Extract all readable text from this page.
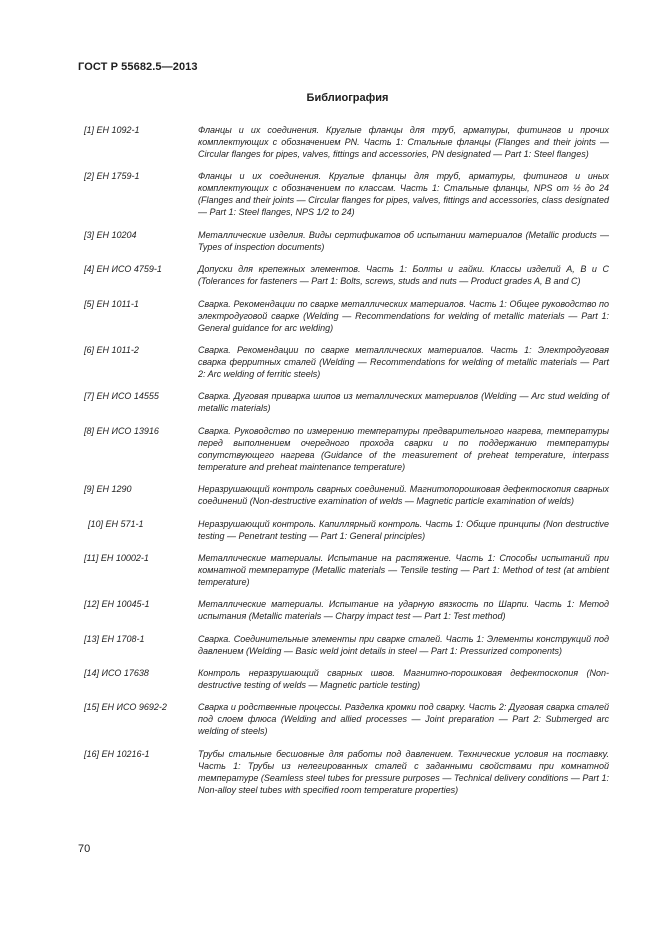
ГОСТ Р 55682.5—2013
Библиография
[1] ЕН 1092-1	Фланцы и их соединения. Круглые фланцы для труб, арматуры, фитингов и прочих комплектующих с обозначением PN. Часть 1: Стальные фланцы (Flanges and their joints — Circular flanges for pipes, valves, fittings and accessories, PN designated — Part 1: Steel flanges)
[2] ЕН 1759-1	Фланцы и их соединения. Круглые фланцы для труб, арматуры, фитингов и иных комплектующих с обозначением по классам. Часть 1: Стальные фланцы, NPS от ½ до 24 (Flanges and their joints — Circular flanges for pipes, valves, fittings and accessories, class designated — Part 1: Steel flanges, NPS 1/2 to 24)
[3] ЕН 10204	Металлические изделия. Виды сертификатов об испытании материалов (Metallic products — Types of inspection documents)
[4] ЕН ИСО 4759-1	Допуски для крепежных элементов. Часть 1: Болты и гайки. Классы изделий А, В и С (Tolerances for fasteners — Part 1: Bolts, screws, studs and nuts — Product grades A, B and C)
[5] ЕН 1011-1	Сварка. Рекомендации по сварке металлических материалов. Часть 1: Общее руководство по электродуговой сварке (Welding — Recommendations for welding of metallic materials — Part 1: General guidance for arc welding)
[6] ЕН 1011-2	Сварка. Рекомендации по сварке металлических материалов. Часть 1: Электродуговая сварка ферритных сталей (Welding — Recommendations for welding of metallic materials — Part 2: Arc welding of ferritic steels)
[7] ЕН ИСО 14555	Сварка. Дуговая приварка шипов из металлических материвлов (Welding — Arc stud welding of metallic materials)
[8] ЕН ИСО 13916	Сварка. Руководство по измерению температуры предварительного нагрева, температуры перед выполнением очередного прохода сварки и по поддержанию температуры сопутствующего нагрева (Guidance of the measurement of preheat temperature, interpass temperature and preheat maintenance temperature)
[9] ЕН 1290	Неразрушающий контроль сварных соединений. Магнитопорошковая дефектоскопия сварных соединений (Non-destructive examination of welds — Magnetic particle examination of welds)
[10] ЕН 571-1	Неразрушающий контроль. Капиллярный контроль. Часть 1: Общие принципы (Non destructive testing — Penetrant testing — Part 1: General principles)
[11] ЕН 10002-1	Металлические материалы. Испытание на растяжение. Часть 1: Способы испытаний при комнатной температуре (Metallic materials — Tensile testing — Part 1: Method of test (at ambient temperature)
[12] ЕН 10045-1	Металлические материалы. Испытание на ударную вязкость по Шарпи. Часть 1: Метод испытания (Metallic materials — Charpy impact test — Part 1: Test method)
[13] ЕН 1708-1	Сварка. Соединительные элементы при сварке сталей. Часть 1: Элементы конструкций под давлением (Welding — Basic weld joint details in steel — Part 1: Pressurized components)
[14] ИСО 17638	Контроль неразрушающий сварных швов. Магнитно-порошковая дефектоскопия (Non-destructive testing of welds — Magnetic particle testing)
[15] ЕН ИСО 9692-2	Сварка и родственные процессы. Разделка кромки под сварку. Часть 2: Дуговая сварка сталей под слоем флюса (Welding and allied processes — Joint preparation — Part 2: Submerged arc welding of steels)
[16] ЕН 10216-1	Трубы стальные бесшовные для работы под давлением. Технические условия на поставку. Часть 1: Трубы из нелегированных сталей с заданными свойствами при комнатной температуре (Seamless steel tubes for pressure purposes — Technical delivery conditions — Part 1: Non-alloy steel tubes with specified room temperature properties)
70
